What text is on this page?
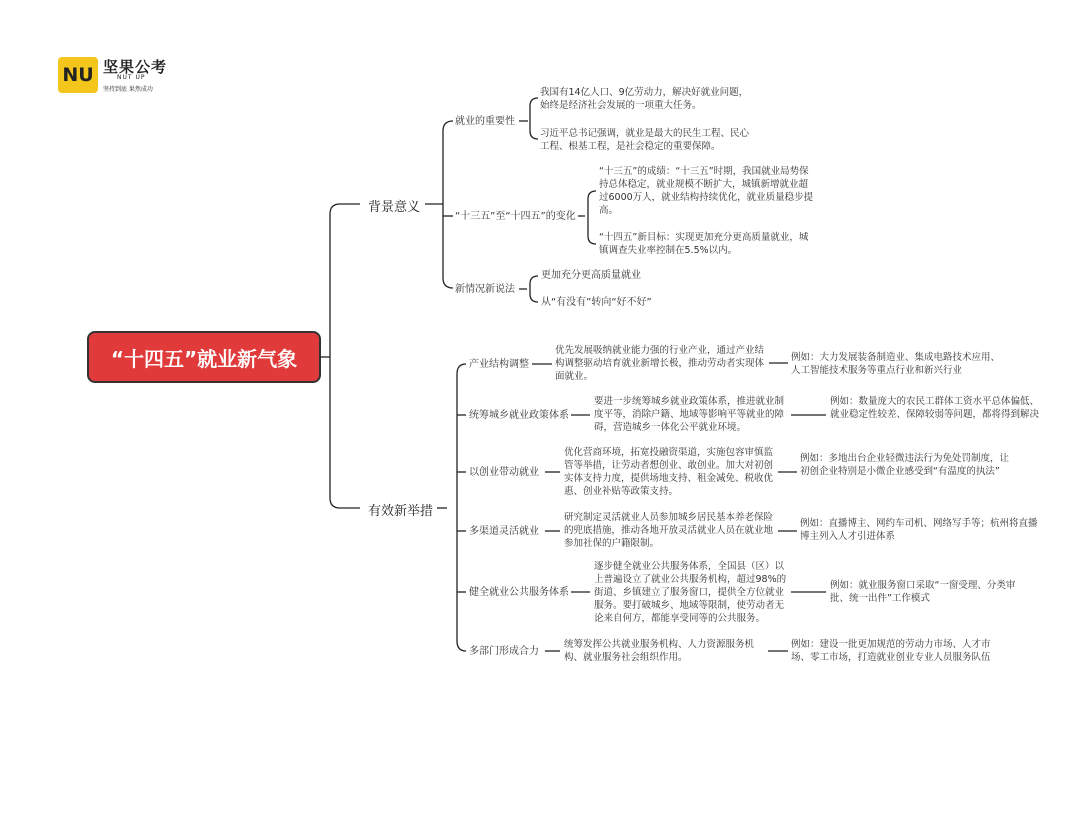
NU 坚果公考
NUT UP
坚持到底 果然成功
“十四五”就业新气象
背景意义
有效新举措
就业的重要性
我国有14亿人口、9亿劳动力，解决好就业问题，始终是经济社会发展的一项重大任务。
习近平总书记强调，就业是最大的民生工程、民心工程、根基工程，是社会稳定的重要保障。
“十三五”至“十四五”的变化
“十三五”的成绩：“十三五”时期，我国就业局势保持总体稳定，就业规模不断扩大，城镇新增就业超过6000万人，就业结构持续优化，就业质量稳步提高。
“十四五”新目标：实现更加充分更高质量就业，城镇调查失业率控制在5.5%以内。
新情况新说法
更加充分更高质量就业
从“有没有”转向“好不好”
产业结构调整
优先发展吸纳就业能力强的行业产业，通过产业结构调整驱动培育就业新增长极，推动劳动者实现体面就业。
例如：大力发展装备制造业、集成电路技术应用、人工智能技术服务等重点行业和新兴行业
统筹城乡就业政策体系
要进一步统筹城乡就业政策体系，推进就业制度平等，消除户籍、地域等影响平等就业的障碍，营造城乡一体化公平就业环境。
例如：数量庞大的农民工群体工资水平总体偏低、就业稳定性较差、保障较弱等问题，都将得到解决
以创业带动就业
优化营商环境，拓宽投融资渠道，实施包容审慎监管等举措，让劳动者想创业、敢创业。加大对初创实体支持力度，提供场地支持、租金减免、税收优惠、创业补贴等政策支持。
例如：多地出台企业轻微违法行为免处罚制度，让初创企业特别是小微企业感受到“有温度的执法”
多渠道灵活就业
研究制定灵活就业人员参加城乡居民基本养老保险的兜底措施，推动各地开放灵活就业人员在就业地参加社保的户籍限制。
例如：直播博主、网约车司机、网络写手等；杭州将直播博主列入人才引进体系
健全就业公共服务体系
逐步健全就业公共服务体系，全国县（区）以上普遍设立了就业公共服务机构，超过98%的街道、乡镇建立了服务窗口，提供全方位就业服务。要打破城乡、地域等限制，使劳动者无论来自何方，都能享受同等的公共服务。
例如：就业服务窗口采取“一窗受理、分类审批、统一出件”工作模式
多部门形成合力
统筹发挥公共就业服务机构、人力资源服务机构、就业服务社会组织作用。
例如：建设一批更加规范的劳动力市场、人才市场、零工市场，打造就业创业专业人员服务队伍
